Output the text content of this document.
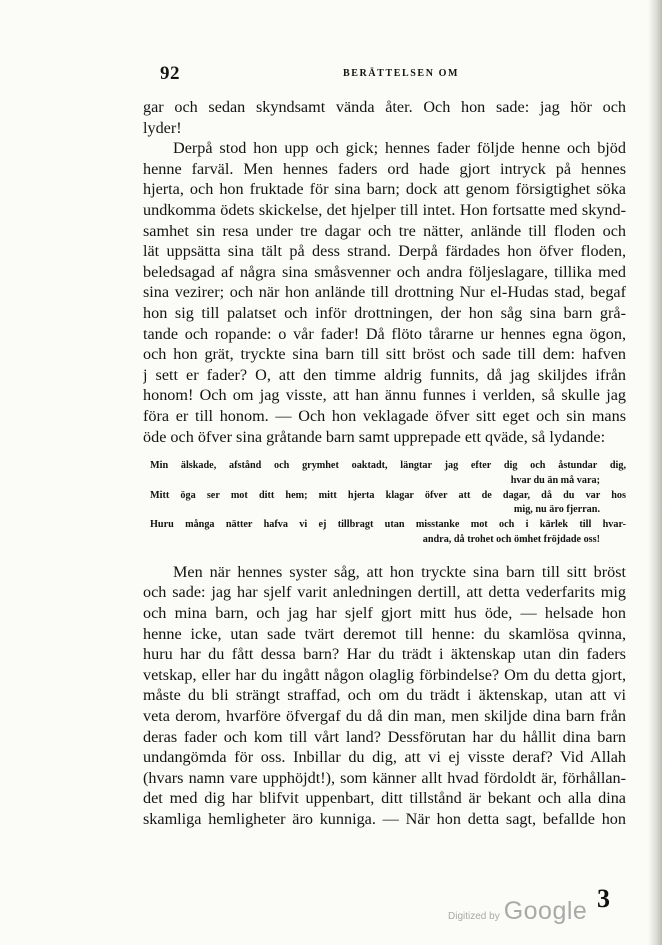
92	BERÄTTELSEN OM
gar och sedan skyndsamt vända åter. Och hon sade: jag hör och
lyder!
Derpå stod hon upp och gick; hennes fader följde henne och bjöd
henne farväl. Men hennes faders ord hade gjort intryck på hennes
hjerta, och hon fruktade för sina barn; dock att genom försigtighet söka
undkomma ödets skickelse, det hjelper till intet. Hon fortsatte med skynd-
samhet sin resa under tre dagar och tre nätter, anlände till floden och
lät uppsätta sina tält på dess strand. Derpå färdades hon öfver floden,
beledsagad af några sina småsvenner och andra följeslagare, tillika med
sina vezirer; och när hon anlände till drottning Nur el-Hudas stad, begaf
hon sig till palatset och inför drottningen, der hon såg sina barn grå-
tande och ropande: o vår fader! Då flöto tårarne ur hennes egna ögon,
och hon grät, tryckte sina barn till sitt bröst och sade till dem: hafven
j sett er fader? O, att den timme aldrig funnits, då jag skiljdes ifrån
honom! Och om jag visste, att han ännu funnes i verlden, så skulle jag
föra er till honom. — Och hon veklagade öfver sitt eget och sin mans
öde och öfver sina gråtande barn samt upprepade ett qväde, så lydande:
Min älskade, afstånd och grymhet oaktadt, längtar jag efter dig och åstundar dig,
hvar du än må vara;
Mitt öga ser mot ditt hem; mitt hjerta klagar öfver att de dagar, då du var hos
mig, nu äro fjerran.
Huru många nätter hafva vi ej tillbragt utan misstanke mot och i kärlek till hvar-
andra, då trohet och ömhet fröjdade oss!
Men när hennes syster såg, att hon tryckte sina barn till sitt bröst
och sade: jag har sjelf varit anledningen dertill, att detta vederfarits mig
och mina barn, och jag har sjelf gjort mitt hus öde, — helsade hon
henne icke, utan sade tvärt deremot till henne: du skamlösa qvinna,
huru har du fått dessa barn? Har du trädt i äktenskap utan din faders
vetskap, eller har du ingått någon olaglig förbindelse? Om du detta gjort,
måste du bli strängt straffad, och om du trädt i äktenskap, utan att vi
veta derom, hvarföre öfvergaf du då din man, men skiljde dina barn från
deras fader och kom till vårt land? Dessförutan har du hållit dina barn
undangömda för oss. Inbillar du dig, att vi ej visste deraf? Vid Allah
(hvars namn vare upphöjdt!), som känner allt hvad fördoldt är, förhållan-
det med dig har blifvit uppenbart, ditt tillstånd är bekant och alla dina
skamliga hemligheter äro kunniga. — När hon detta sagt, befallde hon
Digitized by Google 3
